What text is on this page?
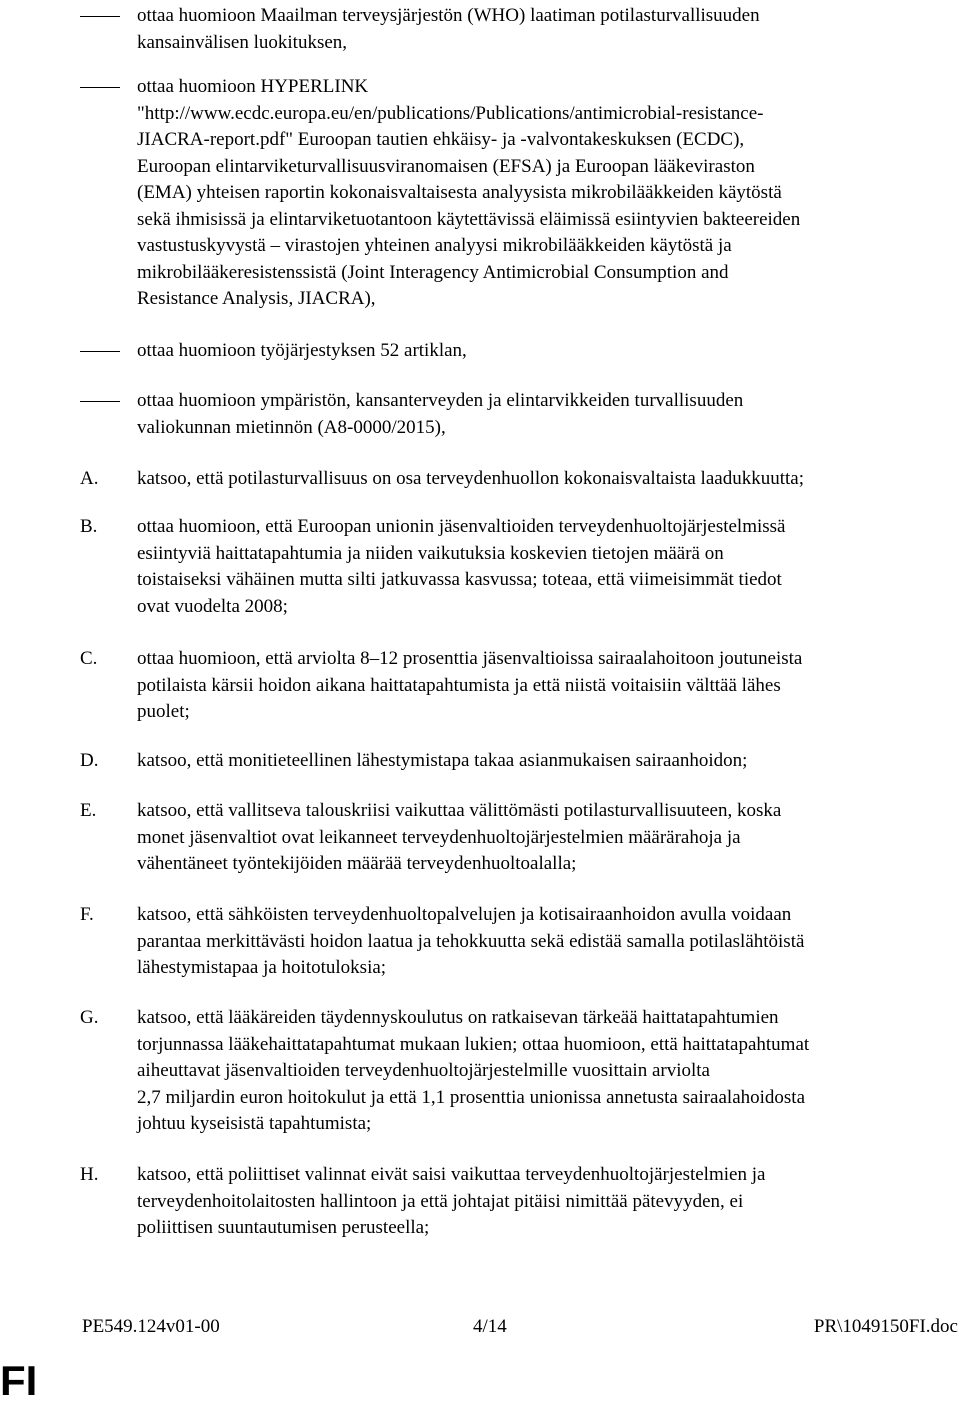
ottaa huomioon Maailman terveysjärjestön (WHO) laatiman potilasturvallisuuden
kansainvälisen luokituksen,
ottaa huomioon HYPERLINK
"http://www.ecdc.europa.eu/en/publications/Publications/antimicrobial-resistance-
JIACRA-report.pdf" Euroopan tautien ehkäisy- ja -valvontakeskuksen (ECDC),
Euroopan elintarviketurvallisuusviranomaisen (EFSA) ja Euroopan lääkeviraston
(EMA) yhteisen raportin kokonaisvaltaisesta analyysista mikrobilääkkeiden käytöstä
sekä ihmisissä ja elintarviketuotantoon käytettävissä eläimissä esiintyvien bakteereiden
vastustuskyvystä – virastojen yhteinen analyysi mikrobilääkkeiden käytöstä ja
mikrobilääkeresistenssistä (Joint Interagency Antimicrobial Consumption and
Resistance Analysis, JIACRA),
ottaa huomioon työjärjestyksen 52 artiklan,
ottaa huomioon ympäristön, kansanterveyden ja elintarvikkeiden turvallisuuden
valiokunnan mietinnön (A8-0000/2015),
A.	katsoo, että potilasturvallisuus on osa terveydenhuollon kokonaisvaltaista laadukkuutta;
B.	ottaa huomioon, että Euroopan unionin jäsenvaltioiden terveydenhuoltojärjestelmissä
esiintyviä haittatapahtumia ja niiden vaikutuksia koskevien tietojen määrä on
toistaiseksi vähäinen mutta silti jatkuvassa kasvussa; toteaa, että viimeisimmät tiedot
ovat vuodelta 2008;
C.	ottaa huomioon, että arviolta 8–12 prosenttia jäsenvaltioissa sairaalahoitoon joutuneista
potilaista kärsii hoidon aikana haittatapahtumista ja että niistä voitaisiin välttää lähes
puolet;
D.	katsoo, että monitieteellinen lähestymistapa takaa asianmukaisen sairaanhoidon;
E.	katsoo, että vallitseva talouskriisi vaikuttaa välittömästi potilasturvallisuuteen, koska
monet jäsenvaltiot ovat leikanneet terveydenhuoltojärjestelmien määrärahoja ja
vähentäneet työntekijöiden määrää terveydenhuoltoalalla;
F.	katsoo, että sähköisten terveydenhuoltopalvelujen ja kotisairaanhoidon avulla voidaan
parantaa merkittävästi hoidon laatua ja tehokkuutta sekä edistää samalla potilaslähtöistä
lähestymistapaa ja hoitotuloksia;
G.	katsoo, että lääkäreiden täydennyskoulutus on ratkaisevan tärkeää haittatapahtumien
torjunnassa lääkehaittatapahtumat mukaan lukien; ottaa huomioon, että haittatapahtumat
aiheuttavat jäsenvaltioiden terveydenhuoltojärjestelmille vuosittain arviolta
2,7 miljardin euron hoitokulut ja että 1,1 prosenttia unionissa annetusta sairaalahoidosta
johtuu kyseisistä tapahtumista;
H.	katsoo, että poliittiset valinnat eivät saisi vaikuttaa terveydenhuoltojärjestelmien ja
terveydenhoitolaitosten hallintoon ja että johtajat pitäisi nimittää pätevyyden, ei
poliittisen suuntautumisen perusteella;
PE549.124v01-00	4/14	PR\1049150FI.doc
FI
